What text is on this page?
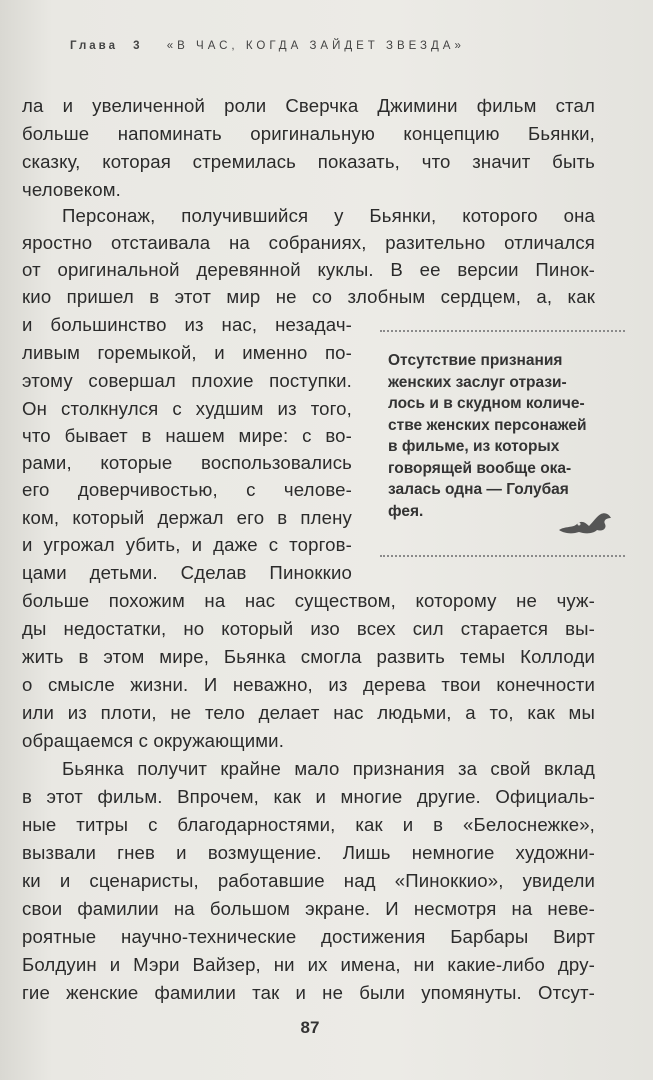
Глава 3 «В ЧАС, КОГДА ЗАЙДЕТ ЗВЕЗДА»
ла и увеличенной роли Сверчка Джимини фильм стал
больше напоминать оригинальную концепцию Бьянки,
сказку, которая стремилась показать, что значит быть
человеком.
Персонаж, получившийся у Бьянки, которого она
яростно отстаивала на собраниях, разительно отличался
от оригинальной деревянной куклы. В ее версии Пинок-
кио пришел в этот мир не со злобным сердцем, а, как
и большинство из нас, незадач-
ливым горемыкой, и именно по-
этому совершал плохие поступки.
Он столкнулся с худшим из того,
что бывает в нашем мире: с во-
рами, которые воспользовались
его доверчивостью, с челове-
ком, который держал его в плену
и угрожал убить, и даже с торгов-
цами детьми. Сделав Пиноккио
больше похожим на нас существом, которому не чуж-
ды недостатки, но который изо всех сил старается вы-
жить в этом мире, Бьянка смогла развить темы Коллоди
о смысле жизни. И неважно, из дерева твои конечности
или из плоти, не тело делает нас людьми, а то, как мы
обращаемся с окружающими.
Бьянка получит крайне мало признания за свой вклад
в этот фильм. Впрочем, как и многие другие. Официаль-
ные титры с благодарностями, как и в «Белоснежке»,
вызвали гнев и возмущение. Лишь немногие художни-
ки и сценаристы, работавшие над «Пиноккио», увидели
свои фамилии на большом экране. И несмотря на неве-
роятные научно-технические достижения Барбары Вирт
Болдуин и Мэри Вайзер, ни их имена, ни какие-либо дру-
гие женские фамилии так и не были упомянуты. Отсут-
Отсутствие признания
женских заслуг отрази-
лось и в скудном количе-
стве женских персонажей
в фильме, из которых
говорящей вообще ока-
залась одна — Голубая
фея.
87
